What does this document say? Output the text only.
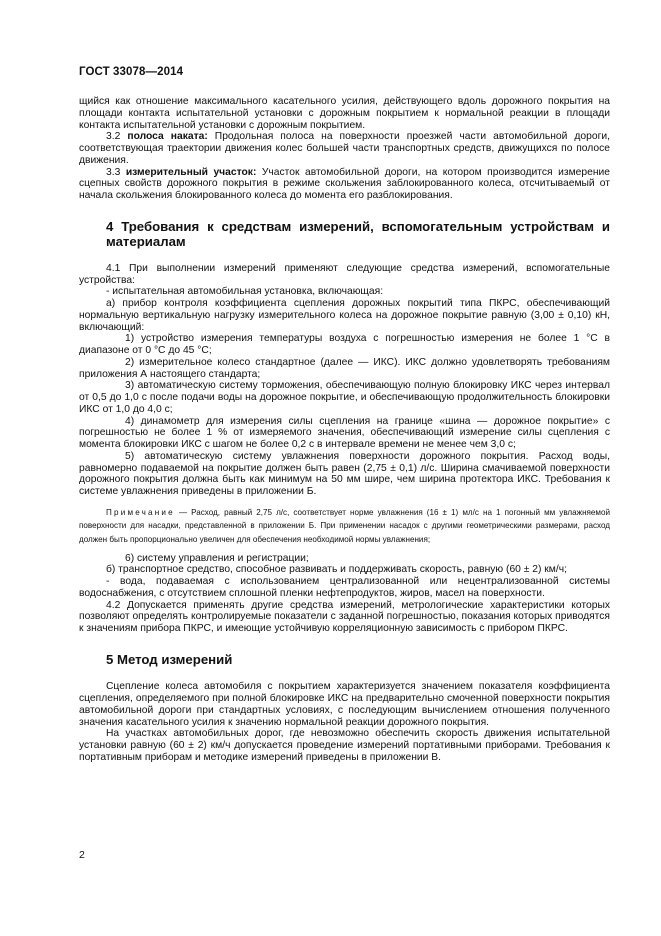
ГОСТ 33078—2014

щийся как отношение максимального касательного усилия, действующего вдоль дорожного покрытия на площади контакта испытательной установки с дорожным покрытием к нормальной реакции в площади контакта испытательной установки с дорожным покрытием.

3.2 полоса наката: Продольная полоса на поверхности проезжей части автомобильной дороги, соответствующая траектории движения колес большей части транспортных средств, движущихся по полосе движения.

3.3 измерительный участок: Участок автомобильной дороги, на котором производится измерение сцепных свойств дорожного покрытия в режиме скольжения заблокированного колеса, отсчитываемый от начала скольжения блокированного колеса до момента его разблокирования.

4 Требования к средствам измерений, вспомогательным устройствам и материалам

4.1 При выполнении измерений применяют следующие средства измерений, вспомогательные устройства:

- испытательная автомобильная установка, включающая:

а) прибор контроля коэффициента сцепления дорожных покрытий типа ПКРС, обеспечивающий нормальную вертикальную нагрузку измерительного колеса на дорожное покрытие равную (3,00 ± 0,10) кН, включающий:

1) устройство измерения температуры воздуха с погрешностью измерения не более 1 °С в диапазоне от 0 °С до 45 °С;

2) измерительное колесо стандартное (далее — ИКС). ИКС должно удовлетворять требованиям приложения А настоящего стандарта;

3) автоматическую систему торможения, обеспечивающую полную блокировку ИКС через интервал от 0,5 до 1,0 с после подачи воды на дорожное покрытие, и обеспечивающую продолжительность блокировки ИКС от 1,0 до 4,0 с;

4) динамометр для измерения силы сцепления на границе «шина — дорожное покрытие» с погрешностью не более 1 % от измеряемого значения, обеспечивающий измерение силы сцепления с момента блокировки ИКС с шагом не более 0,2 с в интервале времени не менее чем 3,0 с;

5) автоматическую систему увлажнения поверхности дорожного покрытия. Расход воды, равномерно подаваемой на покрытие должен быть равен (2,75 ± 0,1) л/с. Ширина смачиваемой поверхности дорожного покрытия должна быть как минимум на 50 мм шире, чем ширина протектора ИКС. Требования к системе увлажнения приведены в приложении Б.

Примечание — Расход, равный 2,75 л/с, соответствует норме увлажнения (16 ± 1) мл/с на 1 погонный мм увлажняемой поверхности для насадки, представленной в приложении Б. При применении насадок с другими геометрическими размерами, расход должен быть пропорционально увеличен для обеспечения необходимой нормы увлажнения;

6) систему управления и регистрации;

б) транспортное средство, способное развивать и поддерживать скорость, равную (60 ± 2) км/ч;

- вода, подаваемая с использованием централизованной или нецентрализованной системы водоснабжения, с отсутствием сплошной пленки нефтепродуктов, жиров, масел на поверхности.

4.2 Допускается применять другие средства измерений, метрологические характеристики которых позволяют определять контролируемые показатели с заданной погрешностью, показания которых приводятся к значениям прибора ПКРС, и имеющие устойчивую корреляционную зависимость с прибором ПКРС.

5 Метод измерений

Сцепление колеса автомобиля с покрытием характеризуется значением показателя коэффициента сцепления, определяемого при полной блокировке ИКС на предварительно смоченной поверхности покрытия автомобильной дороги при стандартных условиях, с последующим вычислением отношения полученного значения касательного усилия к значению нормальной реакции дорожного покрытия.

На участках автомобильных дорог, где невозможно обеспечить скорость движения испытательной установки равную (60 ± 2) км/ч допускается проведение измерений портативными приборами. Требования к портативным приборам и методике измерений приведены в приложении В.

2
